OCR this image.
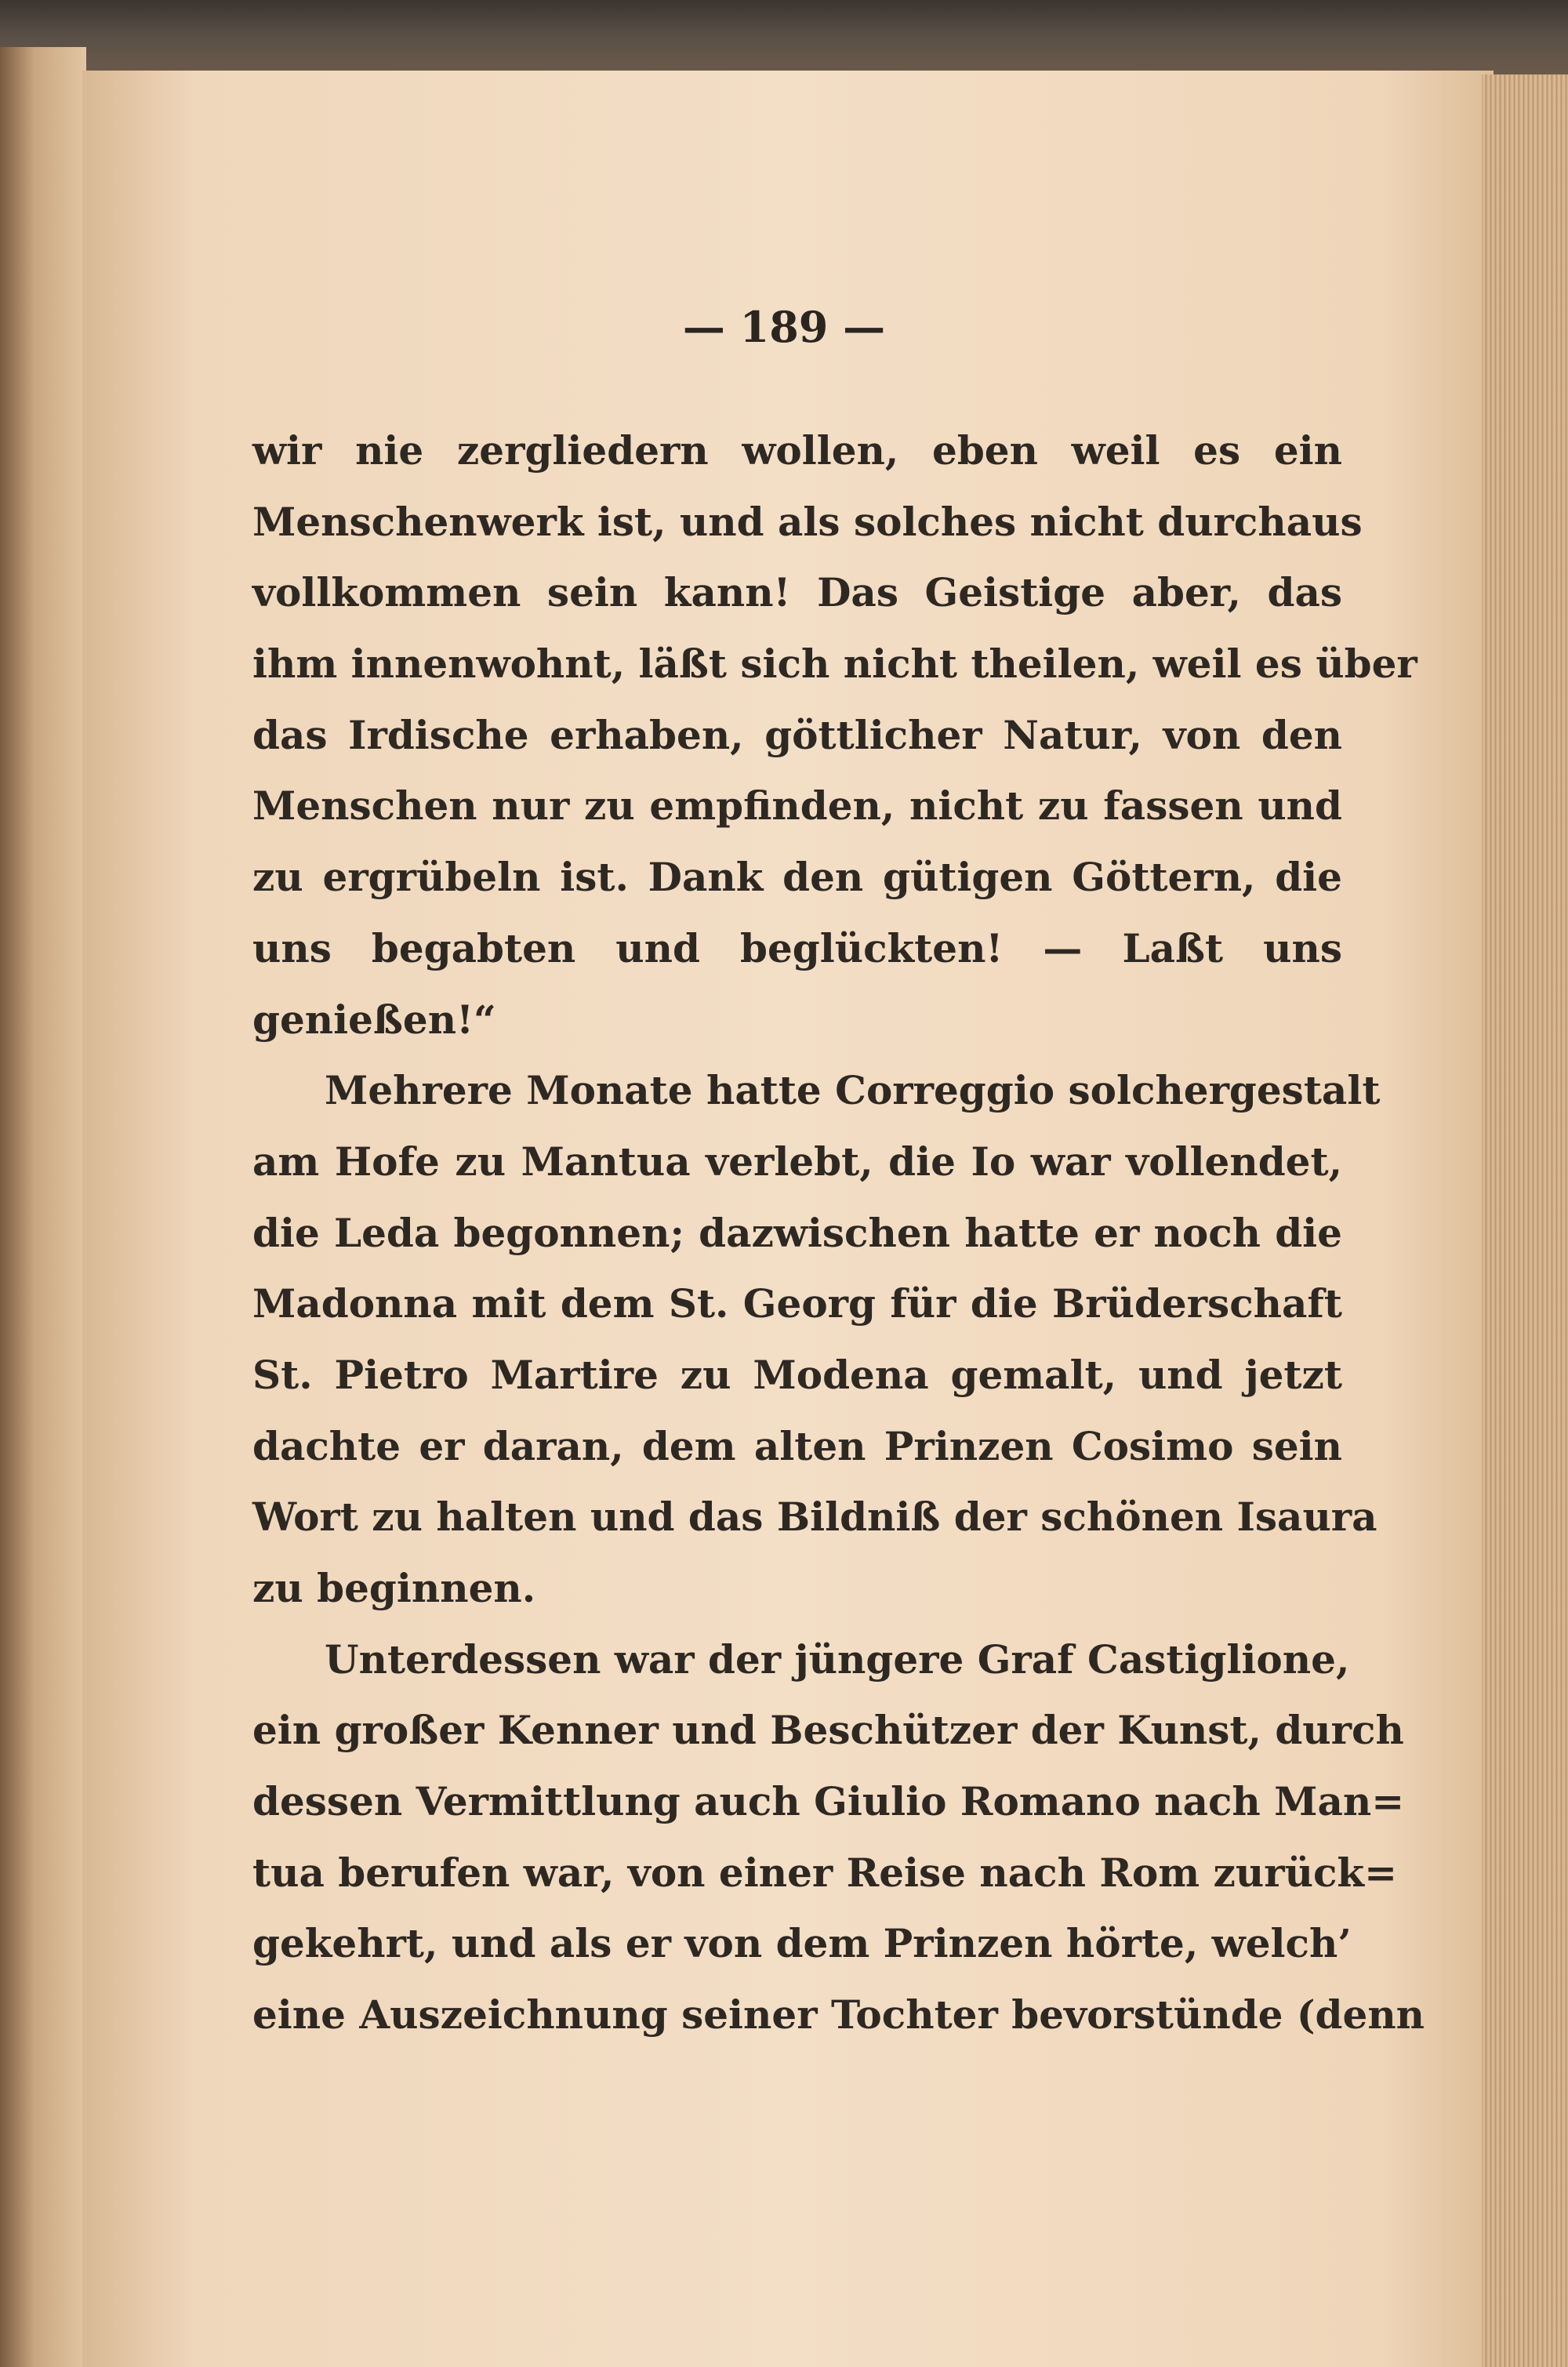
— 189 —
wir nie zergliedern wollen, eben weil es ein
Menschenwerk ist, und als solches nicht durchaus
vollkommen sein kann! Das Geistige aber, das
ihm innenwohnt, läßt sich nicht theilen, weil es über
das Irdische erhaben, göttlicher Natur, von den
Menschen nur zu empfinden, nicht zu fassen und
zu ergrübeln ist. Dank den gütigen Göttern, die
uns begabten und beglückten! — Laßt uns
genießen!“
Mehrere Monate hatte Correggio solchergestalt
am Hofe zu Mantua verlebt, die Io war vollendet,
die Leda begonnen; dazwischen hatte er noch die
Madonna mit dem St. Georg für die Brüderschaft
St. Pietro Martire zu Modena gemalt, und jetzt
dachte er daran, dem alten Prinzen Cosimo sein
Wort zu halten und das Bildniß der schönen Isaura
zu beginnen.
Unterdessen war der jüngere Graf Castiglione,
ein großer Kenner und Beschützer der Kunst, durch
dessen Vermittlung auch Giulio Romano nach Man=
tua berufen war, von einer Reise nach Rom zurück=
gekehrt, und als er von dem Prinzen hörte, welch’
eine Auszeichnung seiner Tochter bevorstünde (denn
